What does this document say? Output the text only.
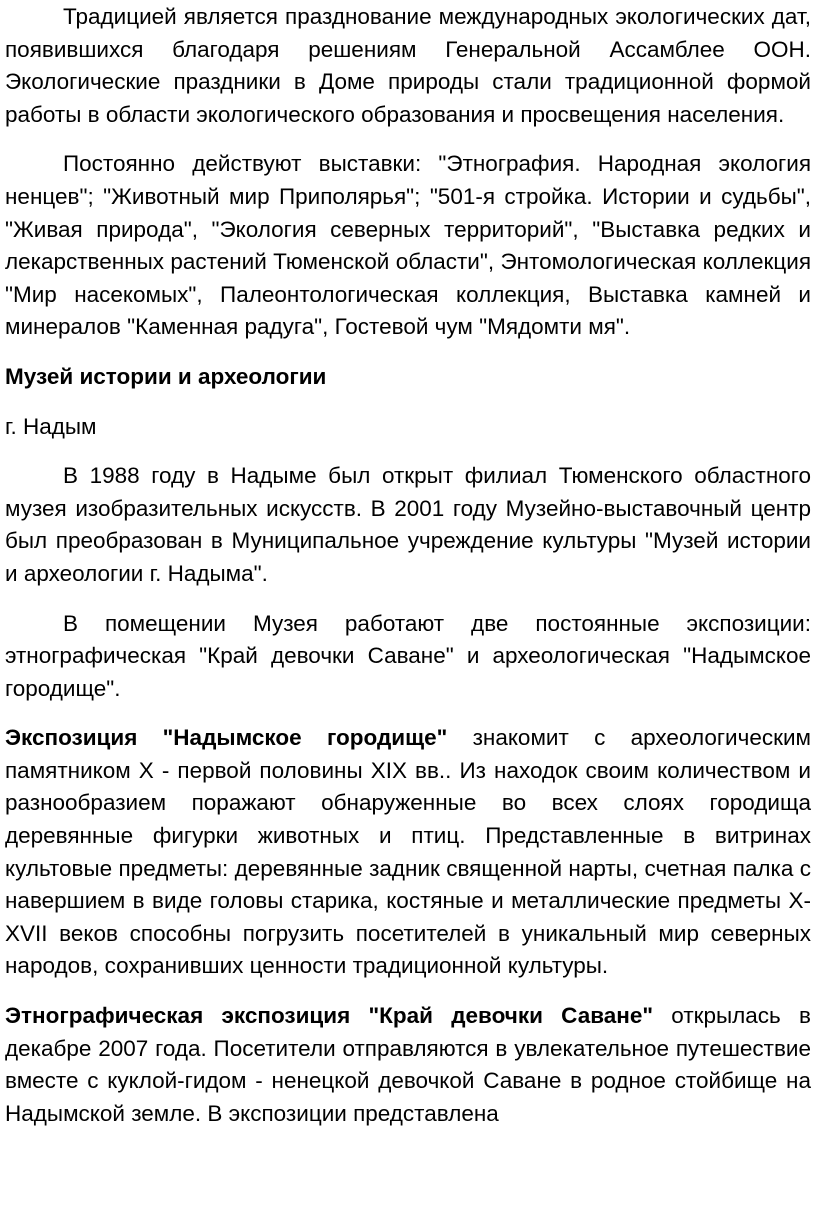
Традицией является празднование международных экологических дат, появившихся благодаря решениям Генеральной Ассамблее ООН. Экологические праздники в Доме природы стали традиционной формой работы в области экологического образования и просвещения населения.

Постоянно действуют выставки: "Этнография. Народная экология ненцев"; "Животный мир Приполярья"; "501-я стройка. Истории и судьбы", "Живая природа", "Экология северных территорий", "Выставка редких и лекарственных растений Тюменской области", Энтомологическая коллекция "Мир насекомых", Палеонтологическая коллекция, Выставка камней и минералов "Каменная радуга", Гостевой чум "Мядомти мя".

Музей истории и археологии

г. Надым

В 1988 году в Надыме был открыт филиал Тюменского областного музея изобразительных искусств. В 2001 году Музейно-выставочный центр был преобразован в Муниципальное учреждение культуры "Музей истории и археологии г. Надыма".

В помещении Музея работают две постоянные экспозиции: этнографическая "Край девочки Саване" и археологическая "Надымское городище".

Экспозиция "Надымское городище" знакомит с археологическим памятником X - первой половины XIX вв.. Из находок своим количеством и разнообразием поражают обнаруженные во всех слоях городища деревянные фигурки животных и птиц. Представленные в витринах культовые предметы: деревянные задник священной нарты, счетная палка с навершием в виде головы старика, костяные и металлические предметы X-XVII веков способны погрузить посетителей в уникальный мир северных народов, сохранивших ценности традиционной культуры.

Этнографическая экспозиция "Край девочки Саване" открылась в декабре 2007 года. Посетители отправляются в увлекательное путешествие вместе с куклой-гидом - ненецкой девочкой Саване в родное стойбище на Надымской земле. В экспозиции представлена
